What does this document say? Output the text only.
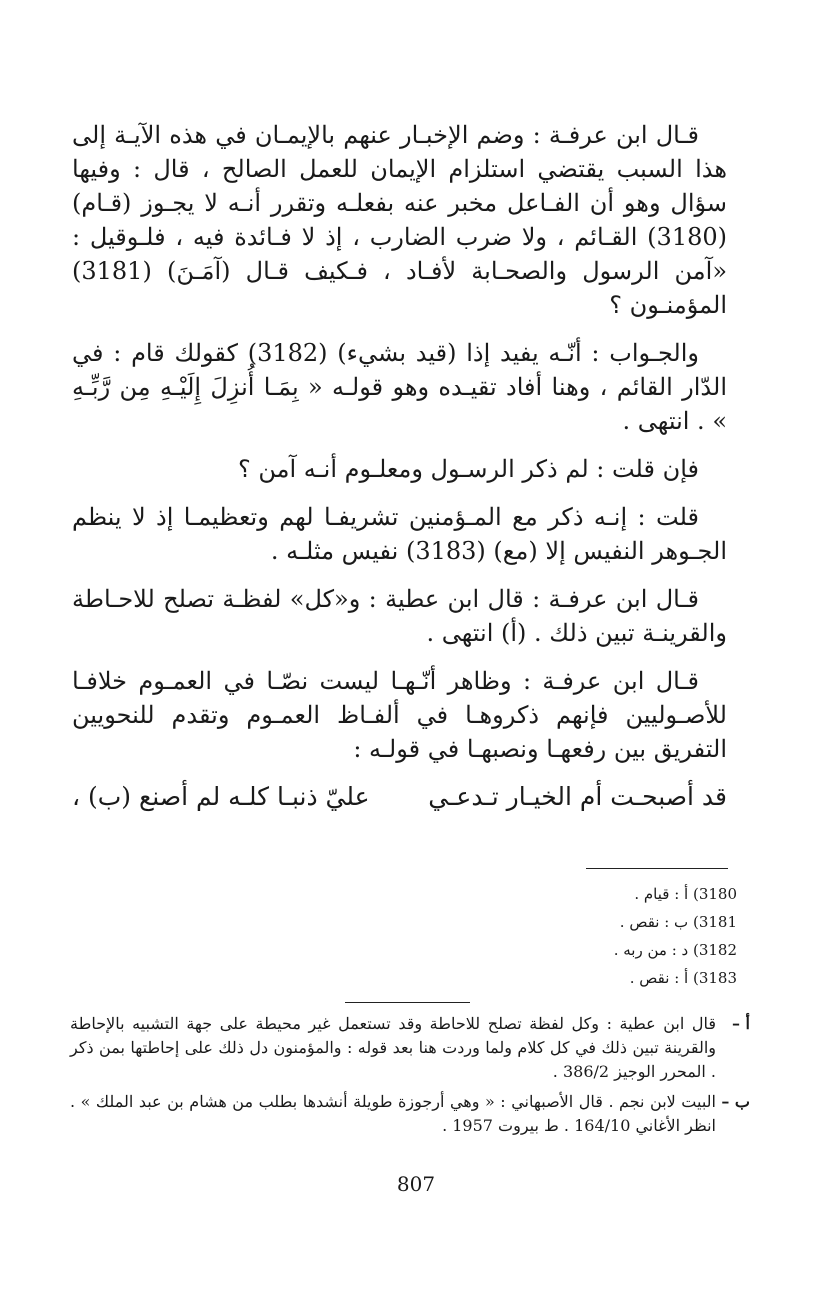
قـال ابن عرفـة : وضم الإخبـار عنهم بالإيمـان في هذه الآيـة إلى هذا السبب يقتضي استلزام الإيمان للعمل الصالح ، قال : وفيها سؤال وهو أن الفـاعل مخبر عنه بفعلـه وتقرر أنـه لا يجـوز (قـام) (3180) القـائم ، ولا ضرب الضارب ، إذ لا فـائدة فيه ، فلـوقيل : «آمن الرسول والصحـابة لأفـاد ، فـكيف قـال (آمَـنَ) (3181) المؤمنـون ؟

والجـواب : أنّـه يفيد إذا (قيد بشيء) (3182) كقولك قام : في الدّار القائم ، وهنا أفاد تقيـده وهو قولـه « بِمَـا أُنزِلَ إِلَيْـهِ مِن رَّبِّـهِ » . انتهى .

فإن قلت : لم ذكر الرسـول ومعلـوم أنـه آمن ؟

قلت : إنـه ذكر مع المـؤمنين تشريفـا لهم وتعظيمـا إذ لا ينظم الجـوهر النفيس إلا (مع) (3183) نفيس مثلـه .

قـال ابن عرفـة : قال ابن عطية : و«كل» لفظـة تصلح للاحـاطة والقرينـة تبين ذلك . (أ) انتهى .

قـال ابن عرفـة : وظاهر أنّـهـا ليست نصّـا في العمـوم خلافـا للأصـوليين فإنهم ذكروهـا في ألفـاظ العمـوم وتقدم للنحويين التفريق بين رفعهـا ونصبهـا في قولـه :

قد أصبحـت أم الخيـار تـدعـي
عليّ ذنبـا كلـه لم أصنع (ب) ،
3180) أ : قيام .
3181) ب : نقص .
3182) د : من ربه .
3183) أ : نقص .
أ –
قال ابن عطية : وكل لفظة تصلح للاحاطة وقد تستعمل غير محيطة على جهة التشبيه بالإحاطة والقرينة تبين ذلك في كل كلام ولما وردت هنا بعد قوله : والمؤمنون دل ذلك على إحاطتها بمن ذكر . المحرر الوجيز 386/2 .
ب –
البيت لابن نجم . قال الأصبهاني : « وهي أرجوزة طويلة أنشدها بطلب من هشام بن عبد الملك » . انظر الأغاني 164/10 . ط بيروت 1957 .
807
